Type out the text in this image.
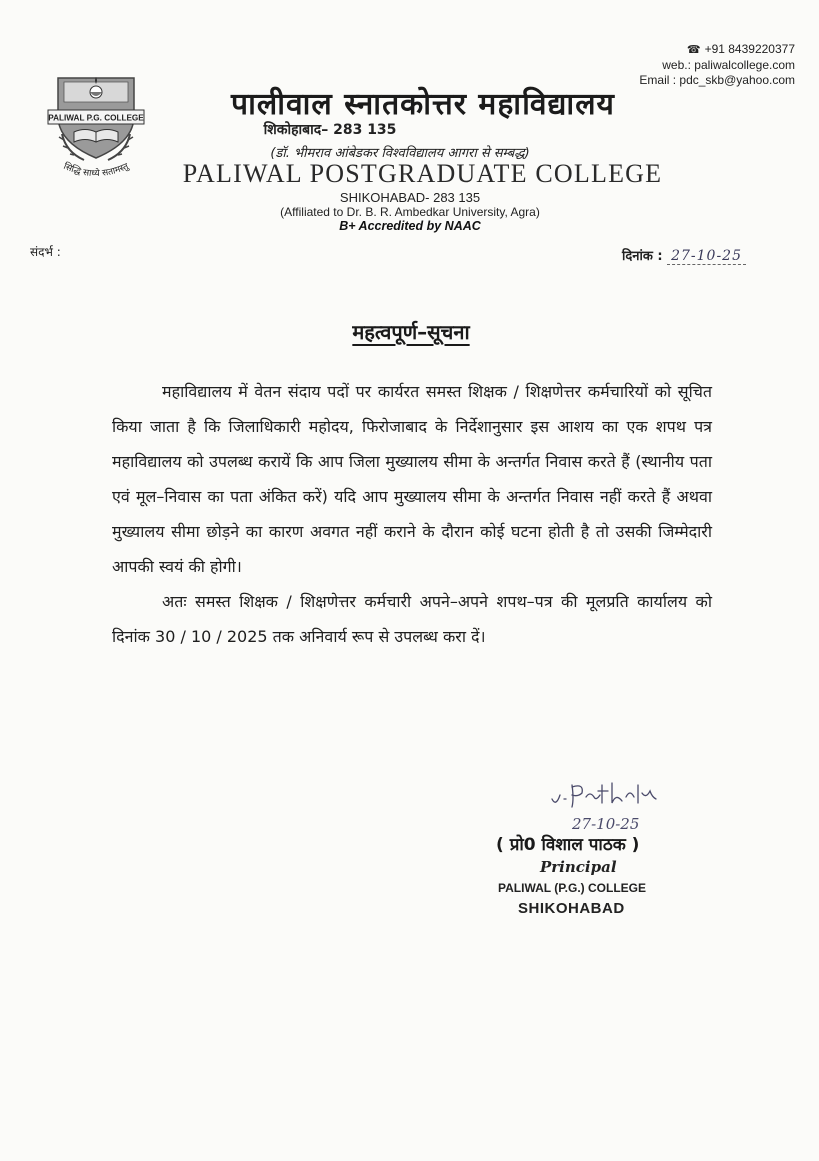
☎ +91 8439220377
web.: paliwalcollege.com
Email : pdc_skb@yahoo.com
PALIWAL P.G. COLLEGE
सिद्धि साध्ये सतामस्तु
पालीवाल स्नातकोत्तर महाविद्यालय
शिकोहाबाद– 283 135
(डॉ. भीमराव आंबेडकर विश्वविद्यालय आगरा से सम्बद्ध)
PALIWAL POSTGRADUATE COLLEGE
SHIKOHABAD- 283 135
(Affiliated to Dr. B. R. Ambedkar University, Agra)
B+ Accredited by NAAC
संदर्भ :	दिनांक : 27-10-25
महत्वपूर्ण–सूचना

महाविद्यालय में वेतन संदाय पदों पर कार्यरत समस्त शिक्षक / शिक्षणेत्तर कर्मचारियों को सूचित किया जाता है कि जिलाधिकारी महोदय, फिरोजाबाद के निर्देशानुसार इस आशय का एक शपथ पत्र महाविद्यालय को उपलब्ध करायें कि आप जिला मुख्यालय सीमा के अन्तर्गत निवास करते हैं (स्थानीय पता एवं मूल–निवास का पता अंकित करें) यदि आप मुख्यालय सीमा के अन्तर्गत निवास नहीं करते हैं अथवा मुख्यालय सीमा छोड़ने का कारण अवगत नहीं कराने के दौरान कोई घटना होती है तो उसकी जिम्मेदारी आपकी स्वयं की होगी।

अतः समस्त शिक्षक / शिक्षणेत्तर कर्मचारी अपने–अपने शपथ–पत्र की मूलप्रति कार्यालय को दिनांक 30 / 10 / 2025 तक अनिवार्य रूप से उपलब्ध करा दें।

27-10-25
( प्रो0 विशाल पाठक )
Principal
PALIWAL (P.G.) COLLEGE
SHIKOHABAD
